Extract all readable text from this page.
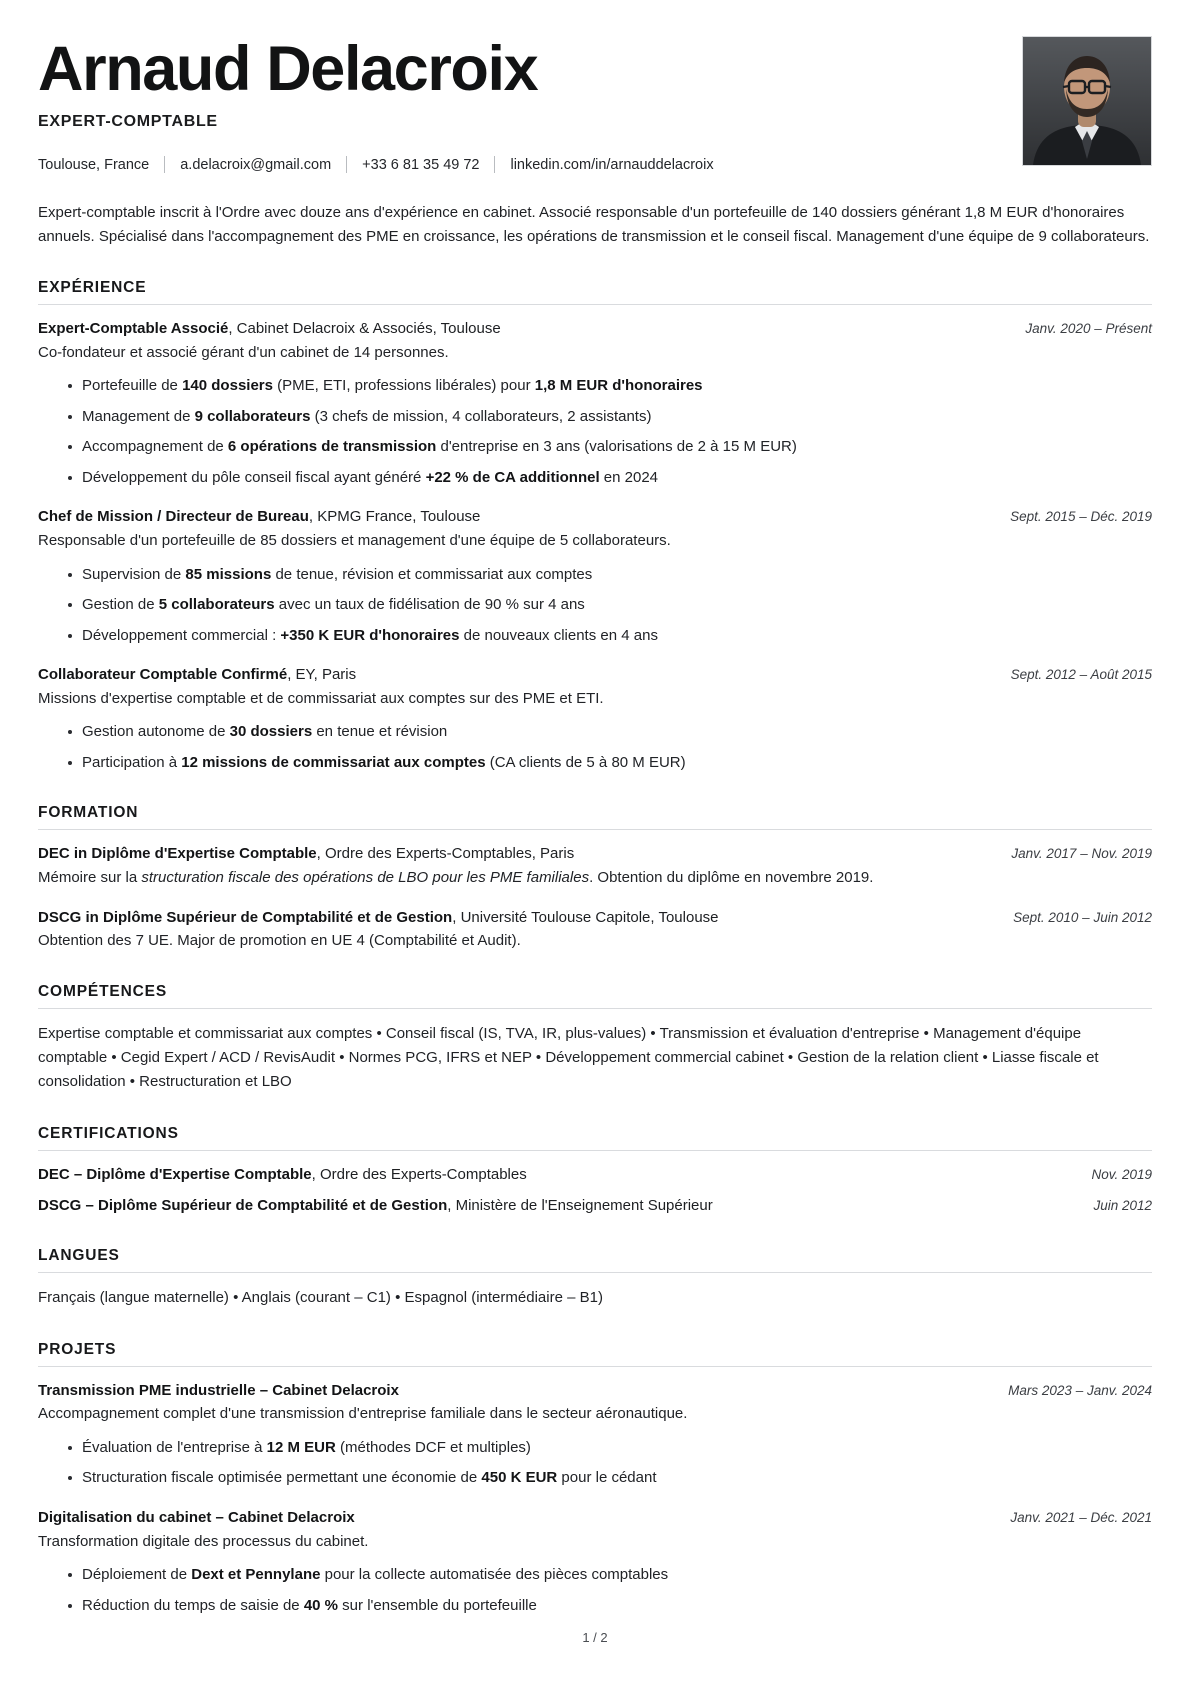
Arnaud Delacroix
EXPERT-COMPTABLE
Toulouse, France a.delacroix@gmail.com +33 6 81 35 49 72 linkedin.com/in/arnauddelacroix

Expert-comptable inscrit à l'Ordre avec douze ans d'expérience en cabinet. Associé responsable d'un portefeuille de 140 dossiers générant 1,8 M EUR d'honoraires annuels. Spécialisé dans l'accompagnement des PME en croissance, les opérations de transmission et le conseil fiscal. Management d'une équipe de 9 collaborateurs.

EXPÉRIENCE
Expert-Comptable Associé, Cabinet Delacroix & Associés, Toulouse	Janv. 2020 – Présent
Co-fondateur et associé gérant d'un cabinet de 14 personnes.
Portefeuille de 140 dossiers (PME, ETI, professions libérales) pour 1,8 M EUR d'honoraires
Management de 9 collaborateurs (3 chefs de mission, 4 collaborateurs, 2 assistants)
Accompagnement de 6 opérations de transmission d'entreprise en 3 ans (valorisations de 2 à 15 M EUR)
Développement du pôle conseil fiscal ayant généré +22 % de CA additionnel en 2024
Chef de Mission / Directeur de Bureau, KPMG France, Toulouse	Sept. 2015 – Déc. 2019
Responsable d'un portefeuille de 85 dossiers et management d'une équipe de 5 collaborateurs.
Supervision de 85 missions de tenue, révision et commissariat aux comptes
Gestion de 5 collaborateurs avec un taux de fidélisation de 90 % sur 4 ans
Développement commercial : +350 K EUR d'honoraires de nouveaux clients en 4 ans
Collaborateur Comptable Confirmé, EY, Paris	Sept. 2012 – Août 2015
Missions d'expertise comptable et de commissariat aux comptes sur des PME et ETI.
Gestion autonome de 30 dossiers en tenue et révision
Participation à 12 missions de commissariat aux comptes (CA clients de 5 à 80 M EUR)
FORMATION
DEC in Diplôme d'Expertise Comptable, Ordre des Experts-Comptables, Paris	Janv. 2017 – Nov. 2019
Mémoire sur la structuration fiscale des opérations de LBO pour les PME familiales. Obtention du diplôme en novembre 2019.
DSCG in Diplôme Supérieur de Comptabilité et de Gestion, Université Toulouse Capitole, Toulouse	Sept. 2010 – Juin 2012
Obtention des 7 UE. Major de promotion en UE 4 (Comptabilité et Audit).
COMPÉTENCES
Expertise comptable et commissariat aux comptes • Conseil fiscal (IS, TVA, IR, plus-values) • Transmission et évaluation d'entreprise • Management d'équipe comptable • Cegid Expert / ACD / RevisAudit • Normes PCG, IFRS et NEP • Développement commercial cabinet • Gestion de la relation client • Liasse fiscale et consolidation • Restructuration et LBO
CERTIFICATIONS
DEC – Diplôme d'Expertise Comptable, Ordre des Experts-Comptables	Nov. 2019
DSCG – Diplôme Supérieur de Comptabilité et de Gestion, Ministère de l'Enseignement Supérieur	Juin 2012
LANGUES
Français (langue maternelle) • Anglais (courant – C1) • Espagnol (intermédiaire – B1)
PROJETS
Transmission PME industrielle – Cabinet Delacroix	Mars 2023 – Janv. 2024
Accompagnement complet d'une transmission d'entreprise familiale dans le secteur aéronautique.
Évaluation de l'entreprise à 12 M EUR (méthodes DCF et multiples)
Structuration fiscale optimisée permettant une économie de 450 K EUR pour le cédant
Digitalisation du cabinet – Cabinet Delacroix	Janv. 2021 – Déc. 2021
Transformation digitale des processus du cabinet.
Déploiement de Dext et Pennylane pour la collecte automatisée des pièces comptables
Réduction du temps de saisie de 40 % sur l'ensemble du portefeuille
1 / 2
